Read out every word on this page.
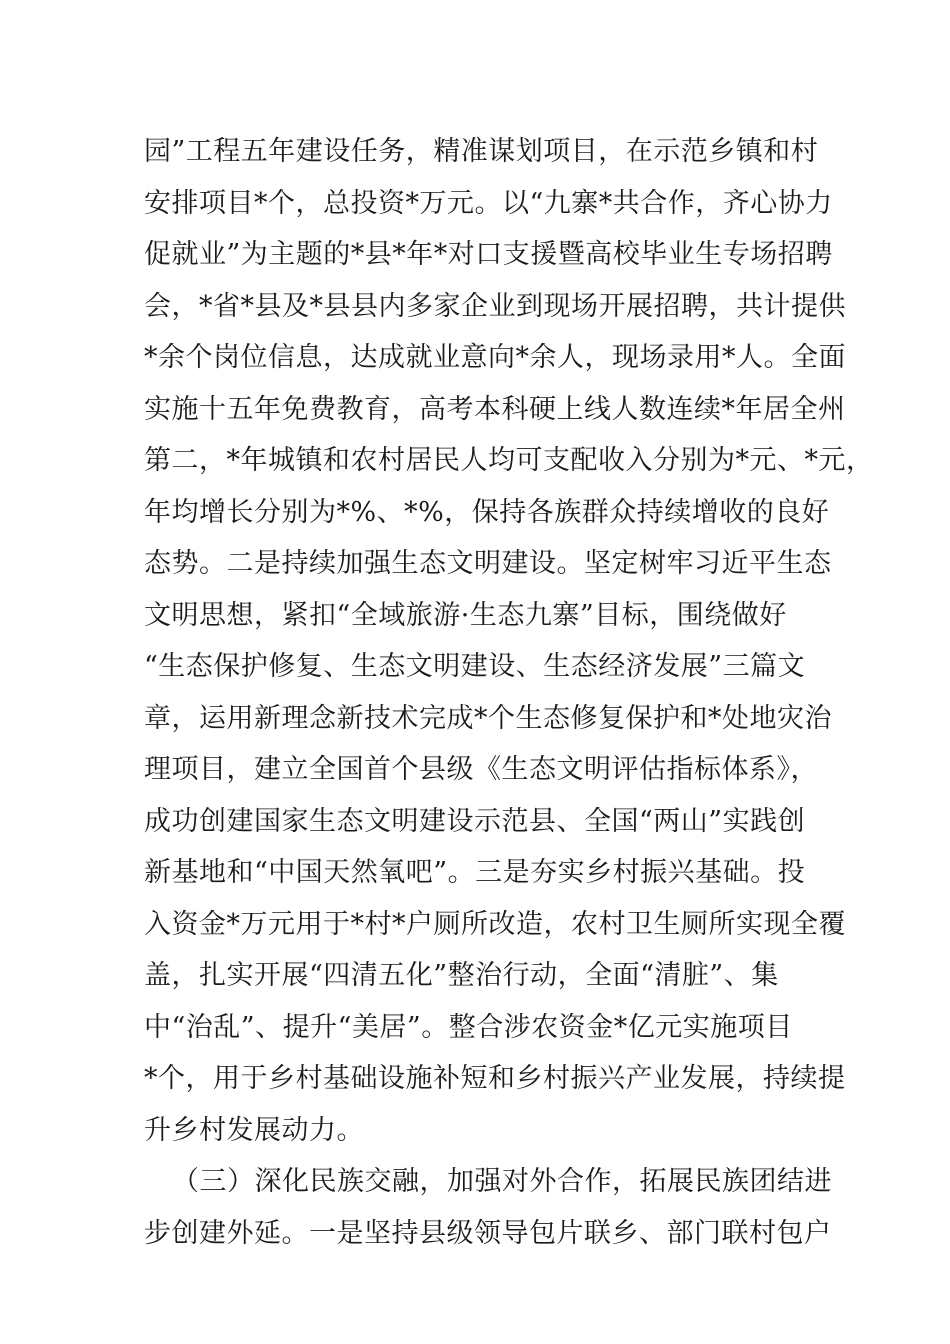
园”工程五年建设任务，精准谋划项目，在示范乡镇和村
安排项目*个，总投资*万元。以“九寨*共合作，齐心协力
促就业”为主题的*县*年*对口支援暨高校毕业生专场招聘
会，*省*县及*县县内多家企业到现场开展招聘，共计提供
*余个岗位信息，达成就业意向*余人，现场录用*人。全面
实施十五年免费教育，高考本科硬上线人数连续*年居全州
第二，*年城镇和农村居民人均可支配收入分别为*元、*元，
年均增长分别为*%、*%，保持各族群众持续增收的良好
态势。二是持续加强生态文明建设。坚定树牢习近平生态
文明思想，紧扣“全域旅游·生态九寨”目标，围绕做好
“生态保护修复、生态文明建设、生态经济发展”三篇文
章，运用新理念新技术完成*个生态修复保护和*处地灾治
理项目，建立全国首个县级《生态文明评估指标体系》，
成功创建国家生态文明建设示范县、全国“两山”实践创
新基地和“中国天然氧吧”。三是夯实乡村振兴基础。投
入资金*万元用于*村*户厕所改造，农村卫生厕所实现全覆
盖，扎实开展“四清五化”整治行动，全面“清脏”、集
中“治乱”、提升“美居”。整合涉农资金*亿元实施项目
*个，用于乡村基础设施补短和乡村振兴产业发展，持续提
升乡村发展动力。
（三）深化民族交融，加强对外合作，拓展民族团结进
步创建外延。一是坚持县级领导包片联乡、部门联村包户
